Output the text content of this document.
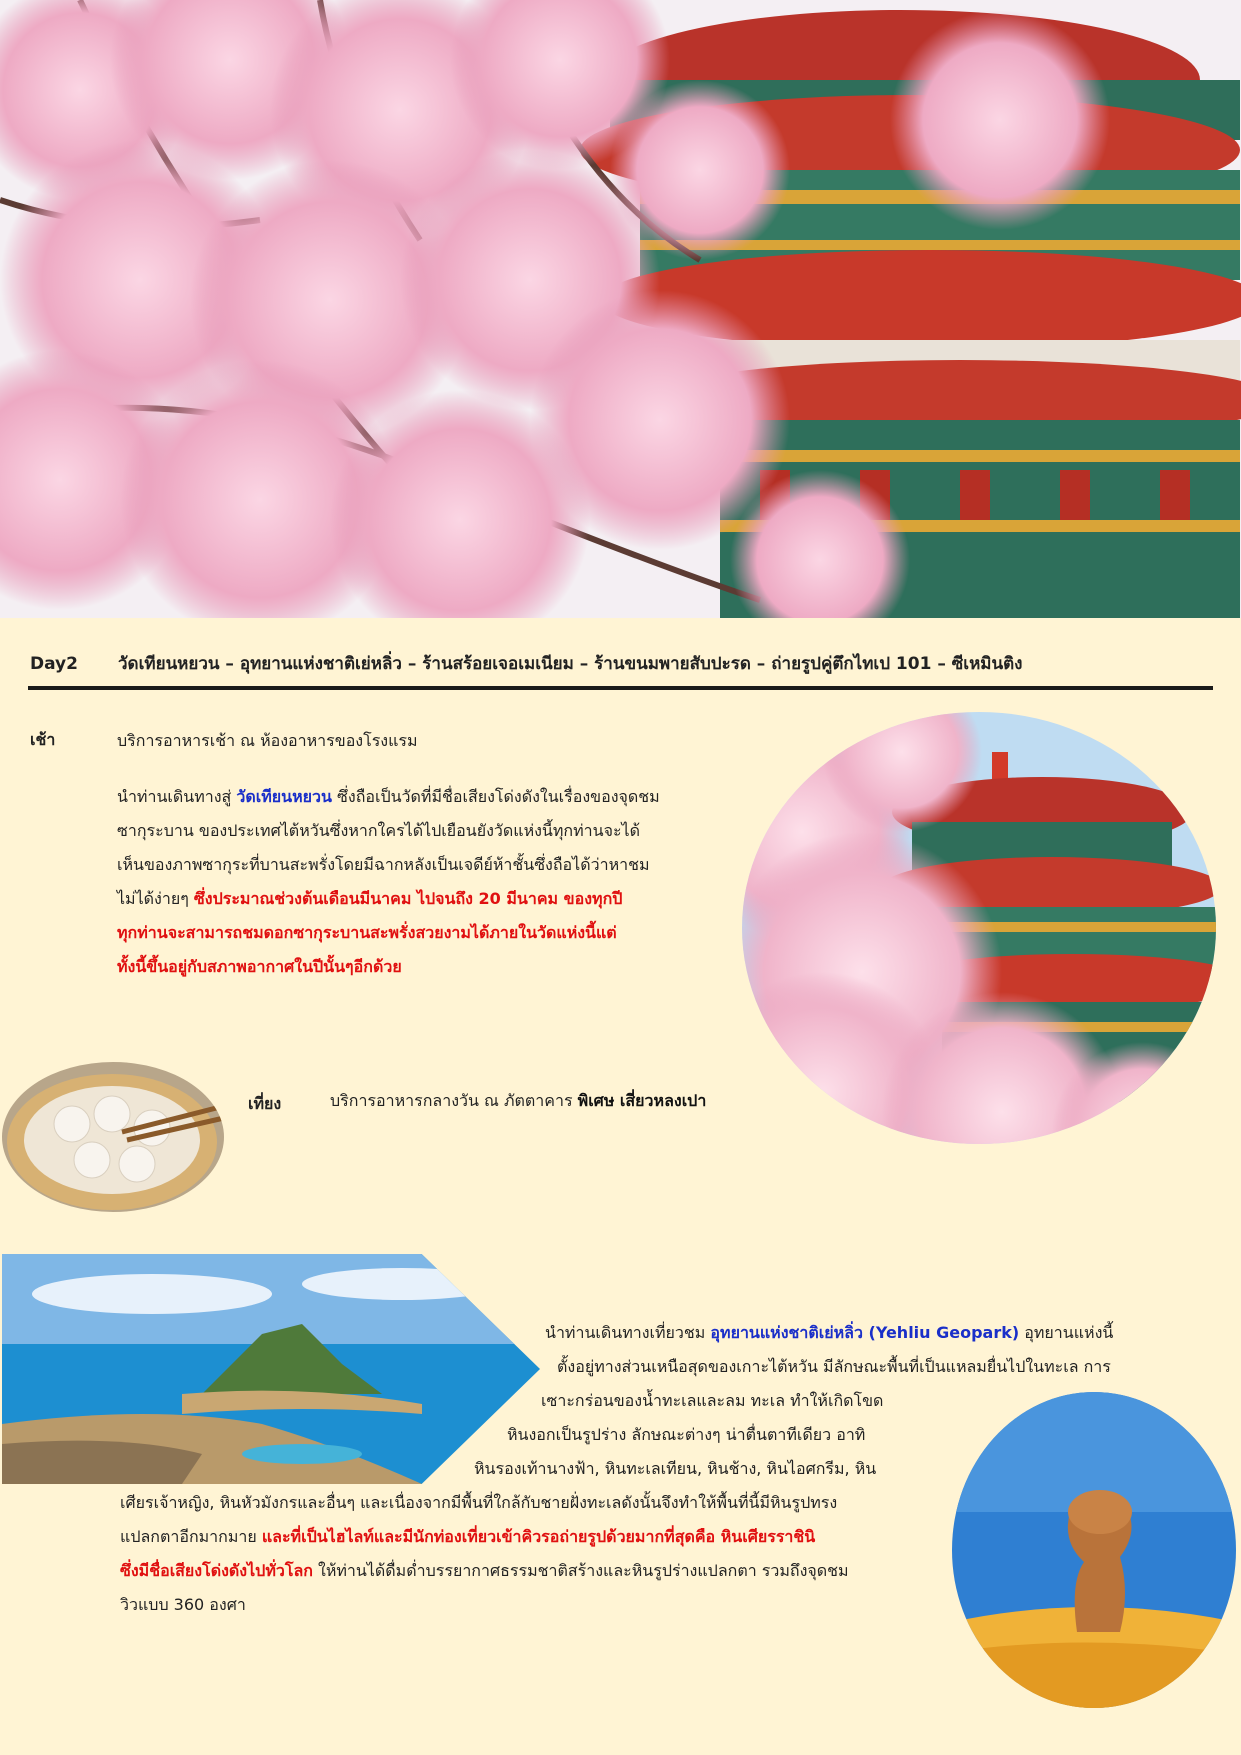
Day2 วัดเทียนหยวน – อุทยานแห่งชาติเย่หลิ่ว – ร้านสร้อยเจอเมเนียม – ร้านขนมพายสับปะรด – ถ่ายรูปคู่ตึกไทเป 101 – ซีเหมินติง
เช้า	บริการอาหารเช้า ณ ห้องอาหารของโรงแรม
นำท่านเดินทางสู่ วัดเทียนหยวน ซึ่งถือเป็นวัดที่มีชื่อเสียงโด่งดังในเรื่องของจุดชม
ซากุระบาน ของประเทศไต้หวันซึ่งหากใครได้ไปเยือนยังวัดแห่งนี้ทุกท่านจะได้
เห็นของภาพซากุระที่บานสะพรั่งโดยมีฉากหลังเป็นเจดีย์ห้าชั้นซึ่งถือได้ว่าหาชม
ไม่ได้ง่ายๆ ซึ่งประมาณช่วงต้นเดือนมีนาคม ไปจนถึง 20 มีนาคม ของทุกปี
ทุกท่านจะสามารถชมดอกซากุระบานสะพรั่งสวยงามได้ภายในวัดแห่งนี้แต่
ทั้งนี้ขึ้นอยู่กับสภาพอากาศในปีนั้นๆอีกด้วย
เที่ยง	บริการอาหารกลางวัน ณ ภัตตาคาร พิเศษ เสี่ยวหลงเปา
นำท่านเดินทางเที่ยวชม อุทยานแห่งชาติเย่หลิ่ว (Yehliu Geopark) อุทยานแห่งนี้
ตั้งอยู่ทางส่วนเหนือสุดของเกาะไต้หวัน มีลักษณะพื้นที่เป็นแหลมยื่นไปในทะเล การ
เซาะกร่อนของน้ำทะเลและลม ทะเล ทำให้เกิดโขด
หินงอกเป็นรูปร่าง ลักษณะต่างๆ น่าตื่นตาทีเดียว อาทิ
หินรองเท้านางฟ้า, หินทะเลเทียน, หินช้าง, หินไอศกรีม, หิน
เศียรเจ้าหญิง, หินหัวมังกรและอื่นๆ และเนื่องจากมีพื้นที่ใกล้กับชายฝั่งทะเลดังนั้นจึงทำให้พื้นที่นี้มีหินรูปทรง
แปลกตาอีกมากมาย และที่เป็นไฮไลท์และมีนักท่องเที่ยวเข้าคิวรอถ่ายรูปด้วยมากที่สุดคือ หินเศียรราชินิ
ซึ่งมีชื่อเสียงโด่งดังไปทั่วโลก ให้ท่านได้ดื่มด่ำบรรยากาศธรรมชาติสร้างและหินรูปร่างแปลกตา รวมถึงจุดชม
วิวแบบ 360 องศา
